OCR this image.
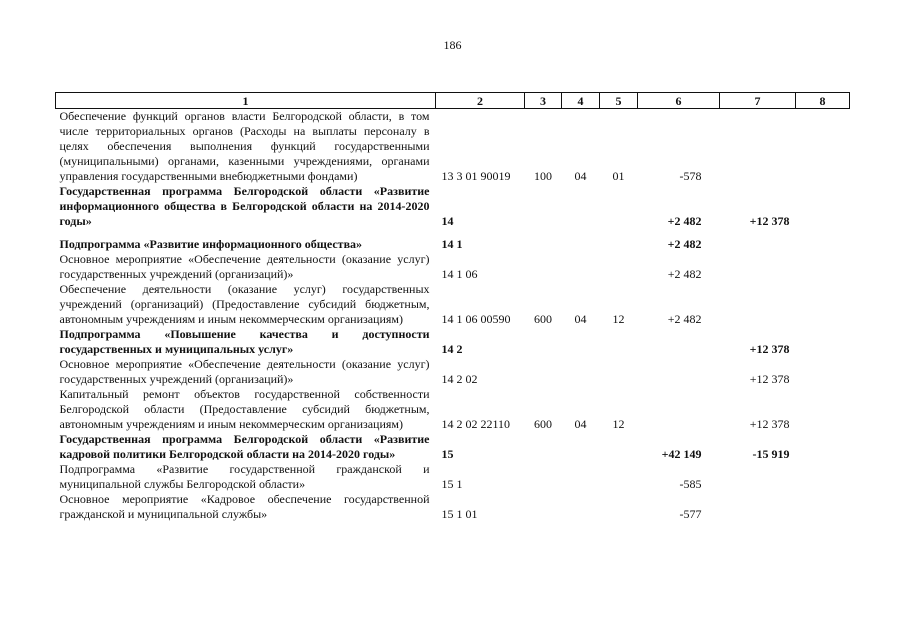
186
1	2	3	4	5	6	7	8
Обеспечение функций органов власти Белгородской области, в том числе территориальных органов (Расходы на выплаты персоналу в целях обеспечения выполнения функций государственными (муниципальными) органами, казенными учреждениями, органами управления государственными внебюджетными фондами)	13 3 01 90019	100	04	01	-578		
Государственная программа Белгородской области «Развитие информационного общества в Белгородской области на 2014-2020 годы»	14				+2 482	+12 378	
Подпрограмма «Развитие информационного общества»	14 1				+2 482		
Основное мероприятие «Обеспечение деятельности (оказание услуг) государственных учреждений (организаций)»	14 1 06				+2 482		
Обеспечение деятельности (оказание услуг) государственных учреждений (организаций) (Предоставление субсидий бюджетным, автономным учреждениям и иным некоммерческим организациям)	14 1 06 00590	600	04	12	+2 482		
Подпрограмма «Повышение качества и доступности государственных и муниципальных услуг»	14 2					+12 378	
Основное мероприятие «Обеспечение деятельности (оказание услуг) государственных учреждений (организаций)»	14 2 02					+12 378	
Капитальный ремонт объектов государственной собственности Белгородской области (Предоставление субсидий бюджетным, автономным учреждениям и иным некоммерческим организациям)	14 2 02 22110	600	04	12		+12 378	
Государственная программа Белгородской области «Развитие кадровой политики Белгородской области на 2014-2020 годы»	15				+42 149	-15 919	
Подпрограмма «Развитие государственной гражданской и муниципальной службы Белгородской области»	15 1				-585		
Основное мероприятие «Кадровое обеспечение государственной гражданской и муниципальной службы»	15 1 01				-577		
